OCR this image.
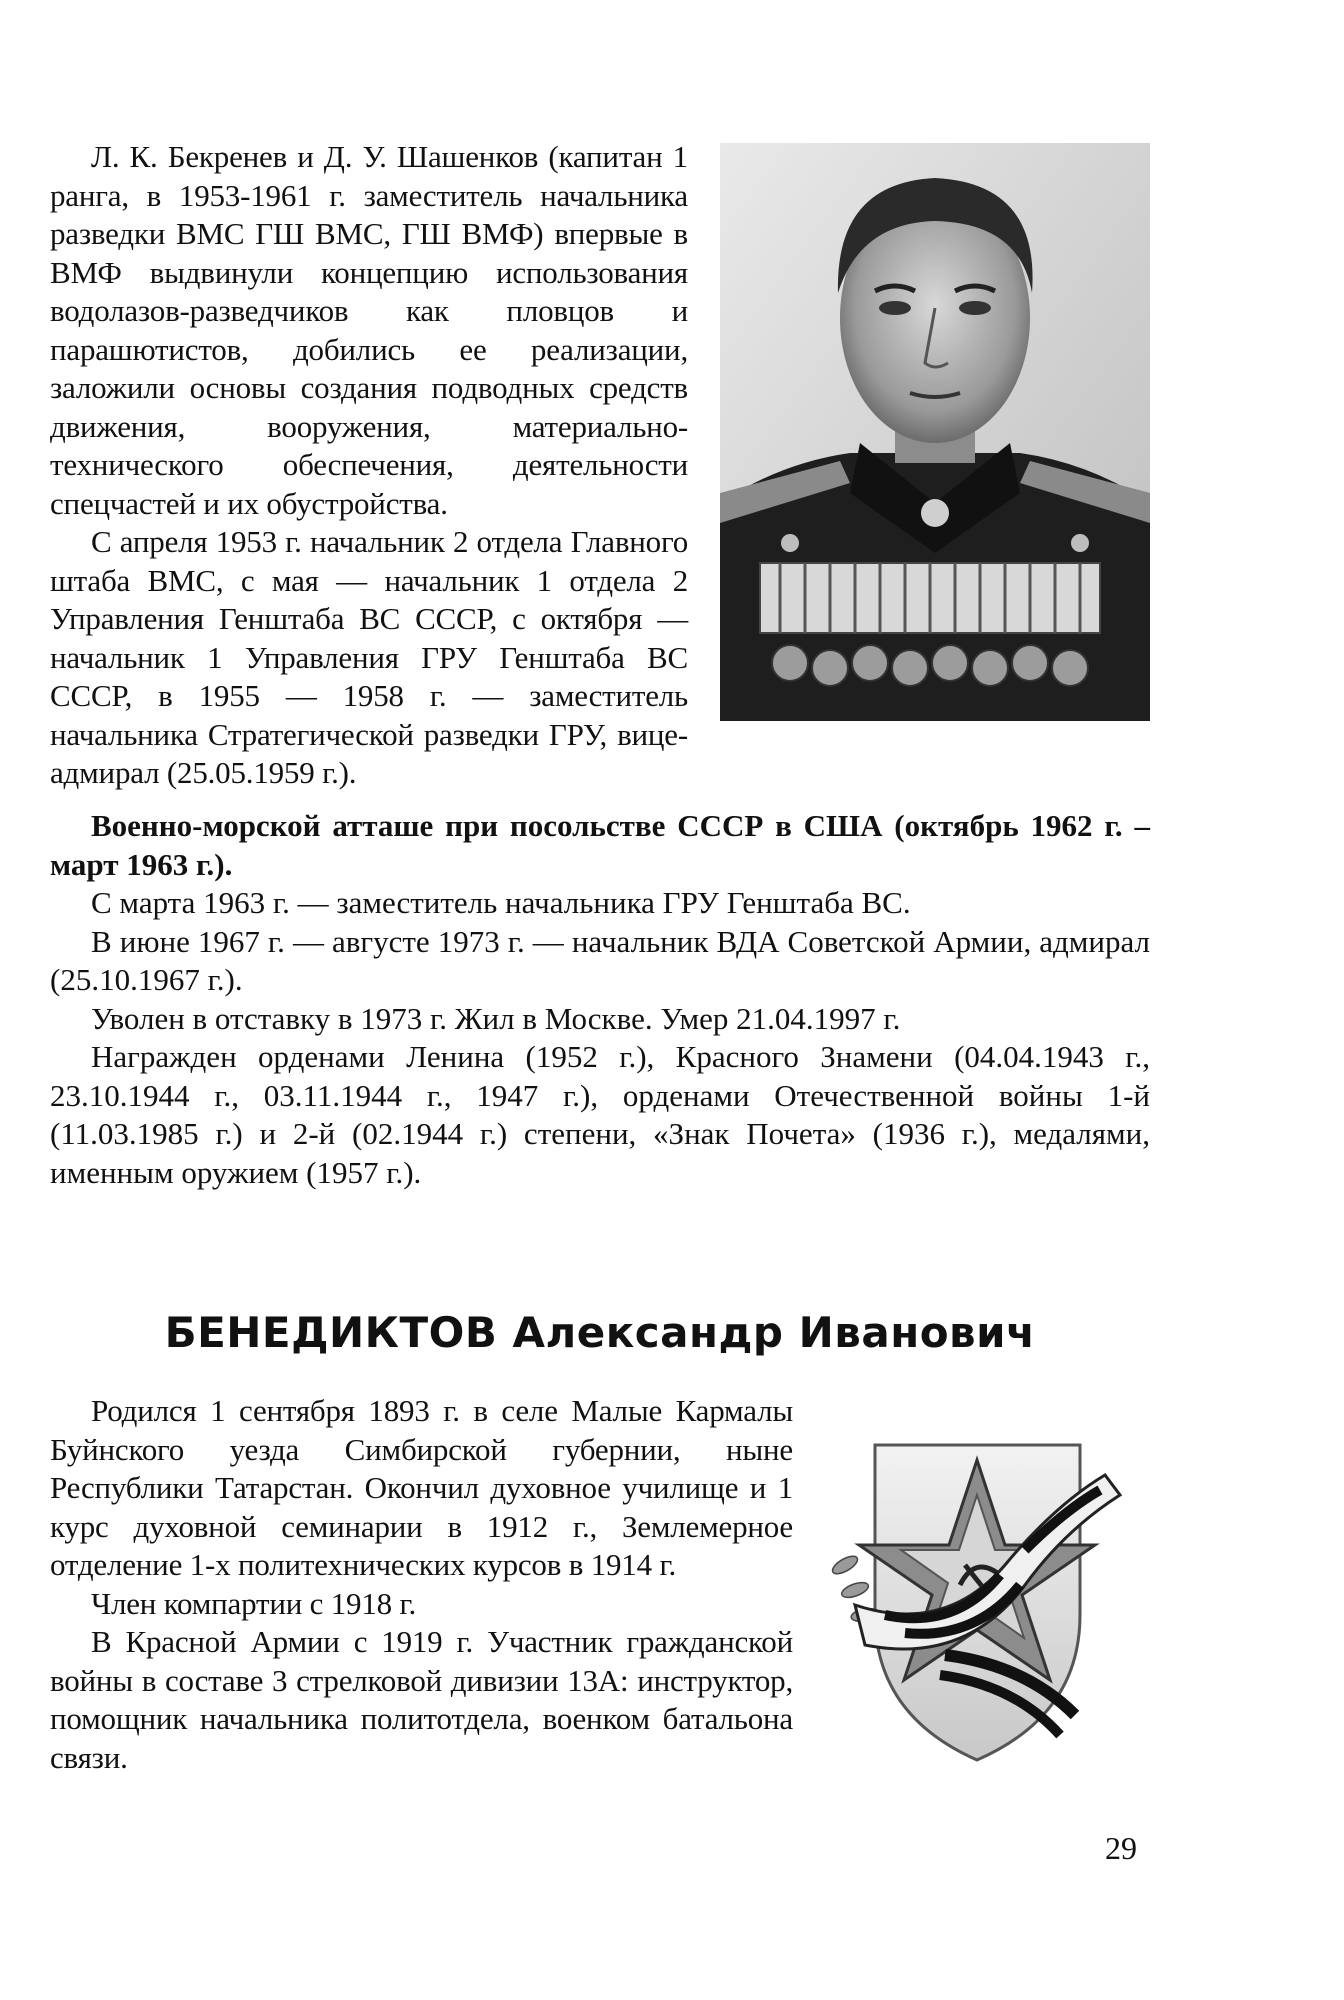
Л. К. Бекренев и Д. У. Шашенков (капитан 1 ранга, в 1953-1961 г. заместитель начальника разведки ВМС ГШ ВМС, ГШ ВМФ) впервые в ВМФ выдвинули концепцию использования водолазов-разведчиков как пловцов и парашютистов, добились ее реализации, заложили основы создания подводных средств движения, вооружения, материально-технического обеспечения, деятельности спецчастей и их обустройства.

С апреля 1953 г. начальник 2 отдела Главного штаба ВМС, с мая — начальник 1 отдела 2 Управления Генштаба ВС СССР, с октября — начальник 1 Управления ГРУ Генштаба ВС СССР, в 1955 — 1958 г. — заместитель начальника Стратегической разведки ГРУ, вице-адмирал (25.05.1959 г.).

Военно-морской атташе при посольстве СССР в США (октябрь 1962 г. – март 1963 г.).

С марта 1963 г. — заместитель начальника ГРУ Генштаба ВС.

В июне 1967 г. — августе 1973 г. — начальник ВДА Советской Армии, адмирал (25.10.1967 г.).

Уволен в отставку в 1973 г. Жил в Москве. Умер 21.04.1997 г.

Награжден орденами Ленина (1952 г.), Красного Знамени (04.04.1943 г., 23.10.1944 г., 03.11.1944 г., 1947 г.), орденами Отечественной войны 1-й (11.03.1985 г.) и 2-й (02.1944 г.) степени, «Знак Почета» (1936 г.), медалями, именным оружием (1957 г.).

БЕНЕДИКТОВ Александр Иванович

Родился 1 сентября 1893 г. в селе Малые Кармалы Буйнского уезда Симбирской губернии, ныне Республики Татарстан. Окончил духовное училище и 1 курс духовной семинарии в 1912 г., Землемерное отделение 1-х политехнических курсов в 1914 г.

Член компартии с 1918 г.

В Красной Армии с 1919 г. Участник гражданской войны в составе 3 стрелковой дивизии 13А: инструктор, помощник начальника политотдела, военком батальона связи.

29
